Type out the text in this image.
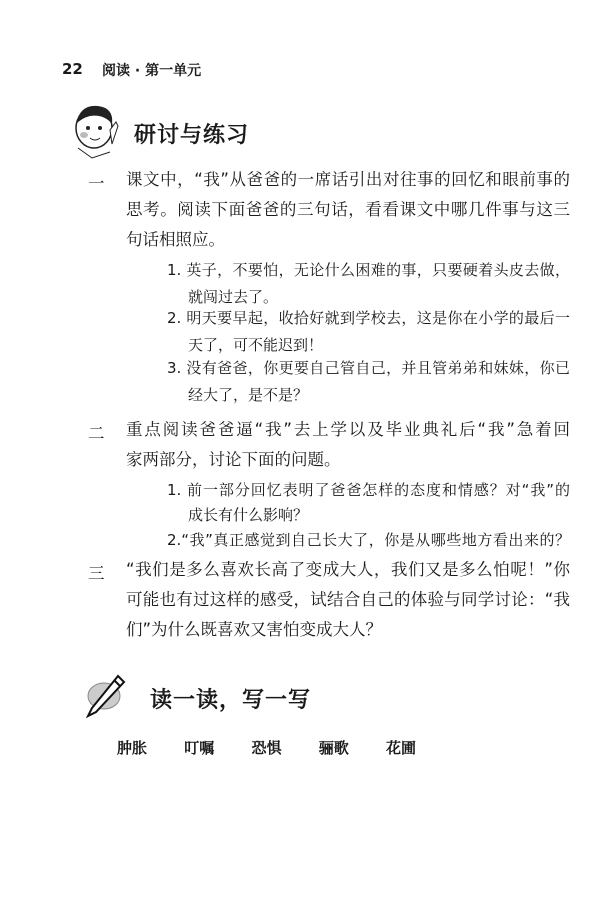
22 阅读 · 第一单元
研讨与练习
一 课文中，“我”从爸爸的一席话引出对往事的回忆和眼前事的
思考。阅读下面爸爸的三句话，看看课文中哪几件事与这三
句话相照应。
1. 英子，不要怕，无论什么困难的事，只要硬着头皮去做，
就闯过去了。
2. 明天要早起，收拾好就到学校去，这是你在小学的最后一
天了，可不能迟到！
3. 没有爸爸，你更要自己管自己，并且管弟弟和妹妹，你已
经大了，是不是？
二 重点阅读爸爸逼“我”去上学以及毕业典礼后“我”急着回
家两部分，讨论下面的问题。
1. 前一部分回忆表明了爸爸怎样的态度和情感？对“我”的
成长有什么影响？
2.“我”真正感觉到自己长大了，你是从哪些地方看出来的？
三 “我们是多么喜欢长高了变成大人，我们又是多么怕呢！”你
可能也有过这样的感受，试结合自己的体验与同学讨论：“我
们”为什么既喜欢又害怕变成大人？
读一读，写一写
肿胀 叮嘱 恐惧 骊歌 花圃
